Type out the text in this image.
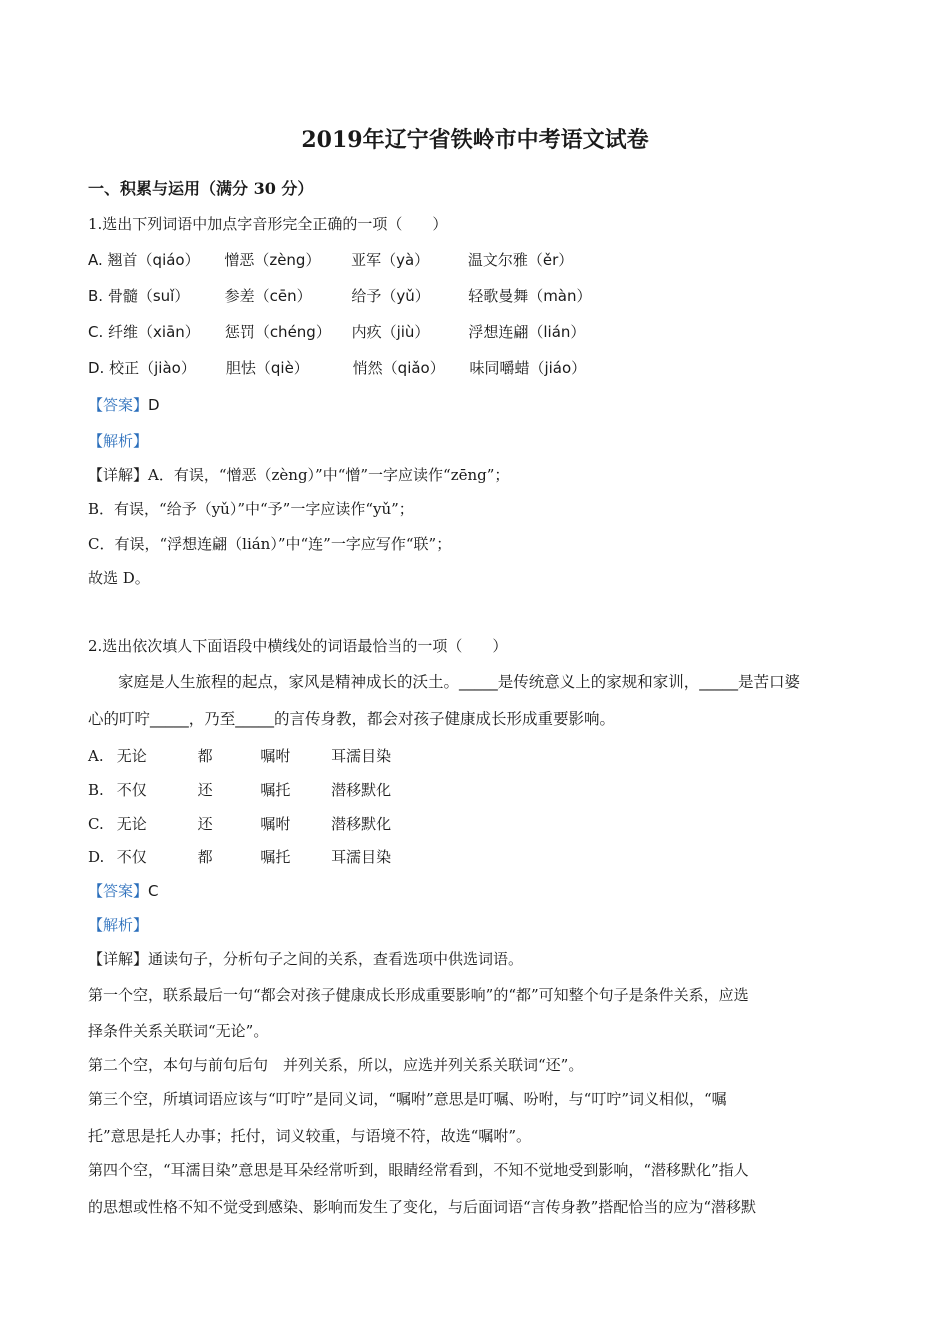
2019年辽宁省铁岭市中考语文试卷
一、积累与运用（满分 30 分）
1.选出下列词语中加点字音形完全正确的一项（　　）
A. 翘首（qiáo） 憎恶（zèng） 亚军（yà）	温文尔雅（ěr）
B. 骨髓（suǐ） 参差（cēn）	给予（yǔ）	轻歌曼舞（màn）
C. 纤维（xiān） 惩罚（chéng） 内疚（jiù）	浮想连翩（lián）
D. 校正（jiào） 胆怯（qiè）	悄然（qiǎo） 味同嚼蜡（jiáo）
【答案】D
【解析】
【详解】A．有误，“憎恶（zèng）”中“憎”一字应读作“zēng”；
B．有误，“给予（yǔ）”中“予”一字应读作“yǔ”；
C．有误，“浮想连翩（lián）”中“连”一字应写作“联”；
故选 D。
2.选出依次填人下面语段中横线处的词语最恰当的一项（　　）
家庭是人生旅程的起点，家风是精神成长的沃土。_____是传统意义上的家规和家训，_____是苦口婆
心的叮咛_____，乃至_____的言传身教，都会对孩子健康成长形成重要影响。
A. 无论	都	嘱咐	耳濡目染
B. 不仅	还	嘱托	潜移默化
C. 无论	还	嘱咐	潜移默化
D. 不仅	都	嘱托	耳濡目染
【答案】C
【解析】
【详解】通读句子，分析句子之间的关系，查看选项中供选词语。
第一个空，联系最后一句“都会对孩子健康成长形成重要影响”的“都”可知整个句子是条件关系，应选
择条件关系关联词“无论”。
第二个空，本句与前句后句　并列关系，所以，应选并列关系关联词“还”。
第三个空，所填词语应该与“叮咛”是同义词，“嘱咐”意思是叮嘱、吩咐，与“叮咛”词义相似，“嘱
托”意思是托人办事；托付，词义较重，与语境不符，故选“嘱咐”。
第四个空，“耳濡目染”意思是耳朵经常听到，眼睛经常看到，不知不觉地受到影响，“潜移默化”指人
的思想或性格不知不觉受到感染、影响而发生了变化，与后面词语“言传身教”搭配恰当的应为“潜移默
